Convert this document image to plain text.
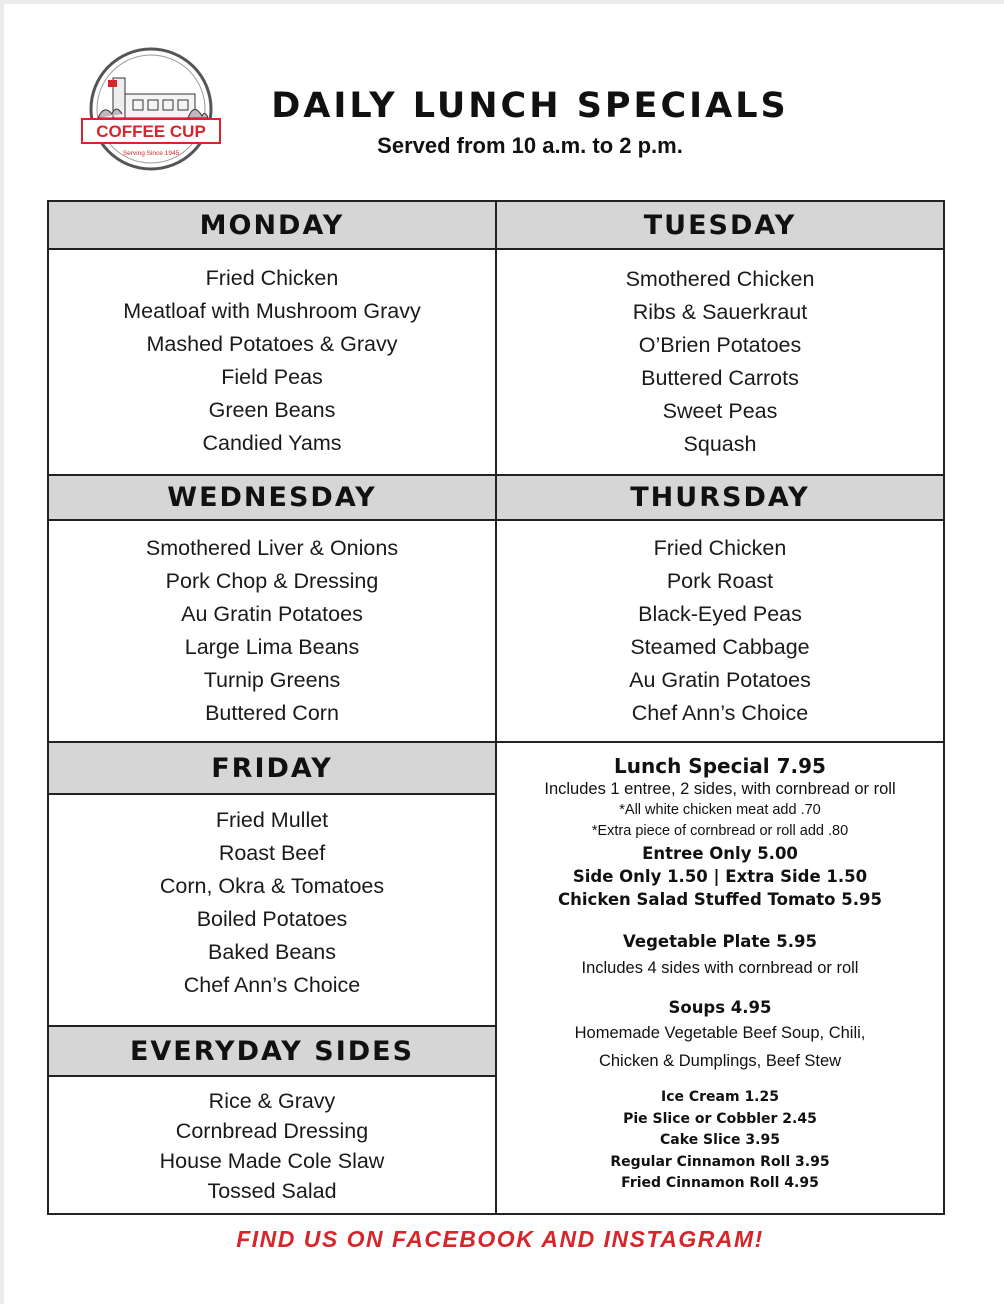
COFFEE CUP
Serving Since 1945
DAILY LUNCH SPECIALS
Served from 10 a.m. to 2 p.m.
MONDAY
Fried Chicken
Meatloaf with Mushroom Gravy
Mashed Potatoes & Gravy
Field Peas
Green Beans
Candied Yams
TUESDAY
Smothered Chicken
Ribs & Sauerkraut
O’Brien Potatoes
Buttered Carrots
Sweet Peas
Squash
WEDNESDAY
Smothered Liver & Onions
Pork Chop & Dressing
Au Gratin Potatoes
Large Lima Beans
Turnip Greens
Buttered Corn
THURSDAY
Fried Chicken
Pork Roast
Black-Eyed Peas
Steamed Cabbage
Au Gratin Potatoes
Chef Ann’s Choice
FRIDAY
Fried Mullet
Roast Beef
Corn, Okra & Tomatoes
Boiled Potatoes
Baked Beans
Chef Ann’s Choice
EVERYDAY SIDES
Rice & Gravy
Cornbread Dressing
House Made Cole Slaw
Tossed Salad
Lunch Special 7.95
Includes 1 entree, 2 sides, with cornbread or roll
*All white chicken meat add .70
*Extra piece of cornbread or roll add .80
Entree Only 5.00
Side Only 1.50 | Extra Side 1.50
Chicken Salad Stuffed Tomato 5.95
Vegetable Plate 5.95
Includes 4 sides with cornbread or roll
Soups 4.95
Homemade Vegetable Beef Soup, Chili,
Chicken & Dumplings, Beef Stew
Ice Cream 1.25
Pie Slice or Cobbler 2.45
Cake Slice 3.95
Regular Cinnamon Roll 3.95
Fried Cinnamon Roll 4.95
FIND US ON FACEBOOK AND INSTAGRAM!
